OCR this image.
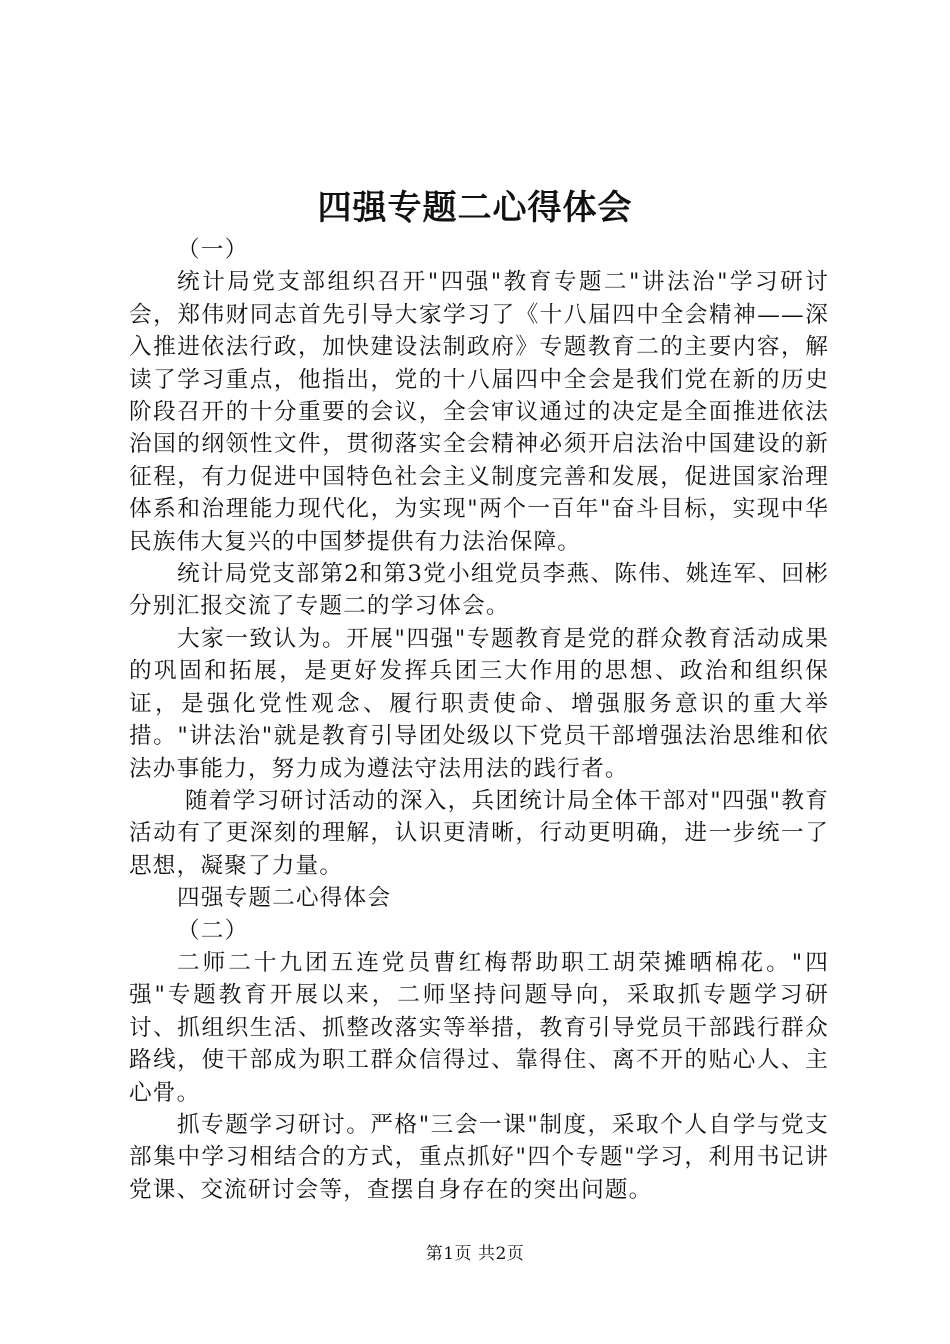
四强专题二心得体会

（一）

统计局党支部组织召开"四强"教育专题二"讲法治"学习研讨会，郑伟财同志首先引导大家学习了《十八届四中全会精神——深入推进依法行政，加快建设法制政府》专题教育二的主要内容，解读了学习重点，他指出，党的十八届四中全会是我们党在新的历史阶段召开的十分重要的会议，全会审议通过的决定是全面推进依法治国的纲领性文件，贯彻落实全会精神必须开启法治中国建设的新征程，有力促进中国特色社会主义制度完善和发展，促进国家治理体系和治理能力现代化，为实现"两个一百年"奋斗目标，实现中华民族伟大复兴的中国梦提供有力法治保障。

统计局党支部第2和第3党小组党员李燕、陈伟、姚连军、回彬分别汇报交流了专题二的学习体会。

大家一致认为。开展"四强"专题教育是党的群众教育活动成果的巩固和拓展，是更好发挥兵团三大作用的思想、政治和组织保证，是强化党性观念、履行职责使命、增强服务意识的重大举措。"讲法治"就是教育引导团处级以下党员干部增强法治思维和依法办事能力，努力成为遵法守法用法的践行者。

随着学习研讨活动的深入，兵团统计局全体干部对"四强"教育活动有了更深刻的理解，认识更清晰，行动更明确，进一步统一了思想，凝聚了力量。

四强专题二心得体会

（二）

二师二十九团五连党员曹红梅帮助职工胡荣摊晒棉花。"四强"专题教育开展以来，二师坚持问题导向，采取抓专题学习研讨、抓组织生活、抓整改落实等举措，教育引导党员干部践行群众路线，使干部成为职工群众信得过、靠得住、离不开的贴心人、主心骨。

抓专题学习研讨。严格"三会一课"制度，采取个人自学与党支部集中学习相结合的方式，重点抓好"四个专题"学习，利用书记讲党课、交流研讨会等，查摆自身存在的突出问题。

第1页 共2页
